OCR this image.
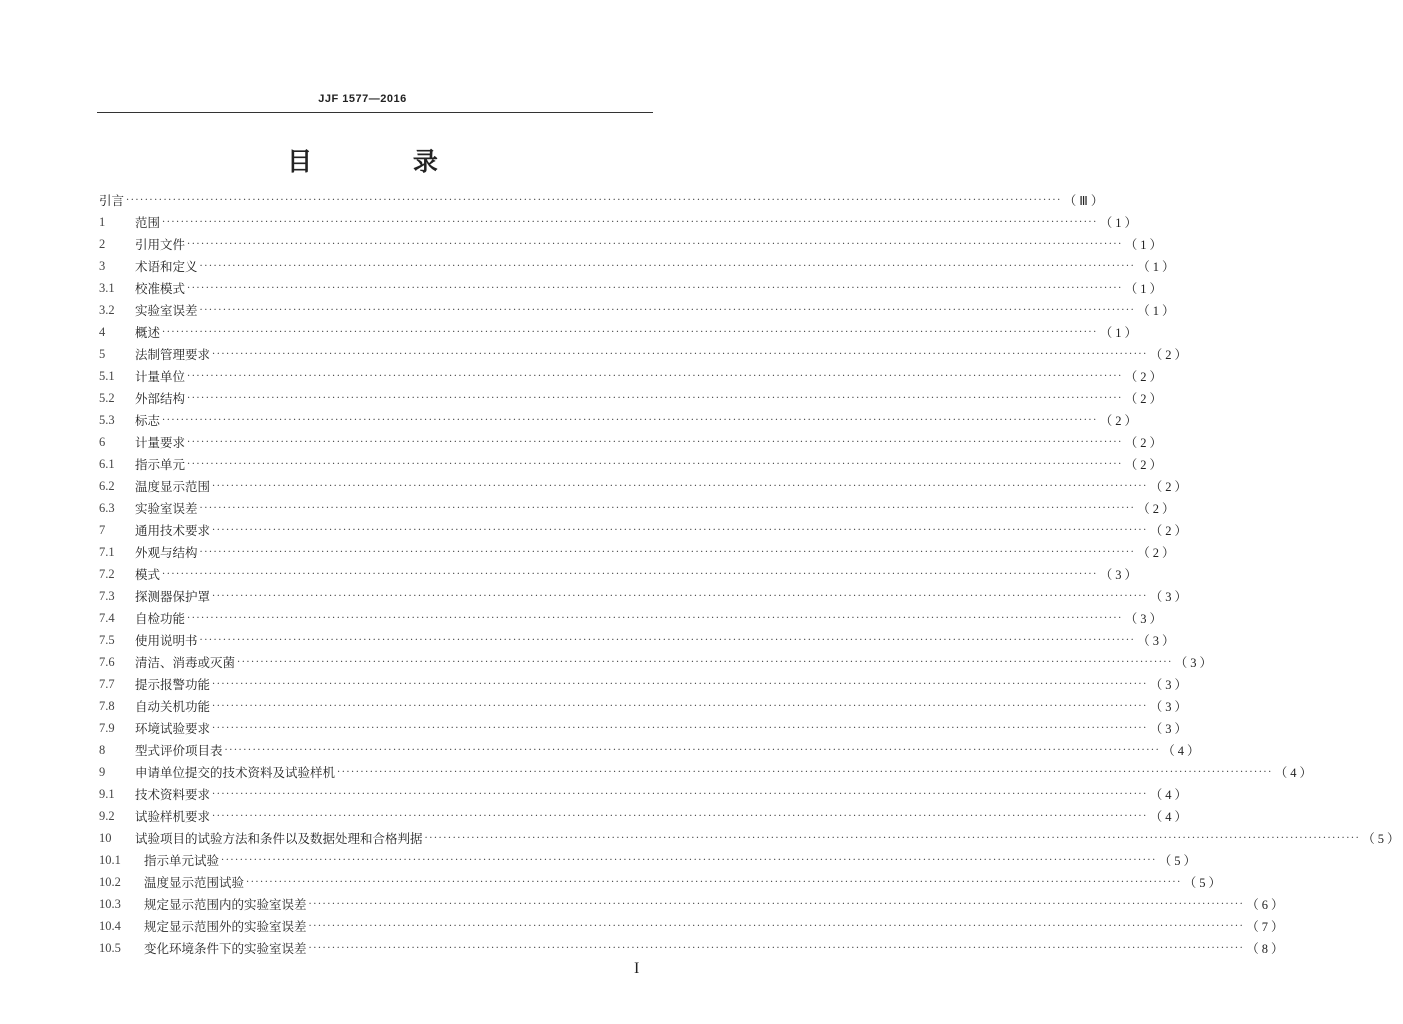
JJF 1577—2016
目 录
引言 ········································································································································································································ （Ⅲ）
1	范围 ········································································································································································································ （1）
2	引用文件 ········································································································································································································ （1）
3	术语和定义 ········································································································································································································ （1）
3.1	校准模式 ········································································································································································································ （1）
3.2	实验室误差 ········································································································································································································ （1）
4	概述 ········································································································································································································ （1）
5	法制管理要求 ········································································································································································································ （2）
5.1	计量单位 ········································································································································································································ （2）
5.2	外部结构 ········································································································································································································ （2）
5.3	标志 ········································································································································································································ （2）
6	计量要求 ········································································································································································································ （2）
6.1	指示单元 ········································································································································································································ （2）
6.2	温度显示范围 ········································································································································································································ （2）
6.3	实验室误差 ········································································································································································································ （2）
7	通用技术要求 ········································································································································································································ （2）
7.1	外观与结构 ········································································································································································································ （2）
7.2	模式 ········································································································································································································ （3）
7.3	探测器保护罩 ········································································································································································································ （3）
7.4	自检功能 ········································································································································································································ （3）
7.5	使用说明书 ········································································································································································································ （3）
7.6	清洁、消毒或灭菌 ········································································································································································································ （3）
7.7	提示报警功能 ········································································································································································································ （3）
7.8	自动关机功能 ········································································································································································································ （3）
7.9	环境试验要求 ········································································································································································································ （3）
8	型式评价项目表 ········································································································································································································ （4）
9	申请单位提交的技术资料及试验样机 ········································································································································································································ （4）
9.1	技术资料要求 ········································································································································································································ （4）
9.2	试验样机要求 ········································································································································································································ （4）
10	试验项目的试验方法和条件以及数据处理和合格判据 ········································································································································································································ （5）
10.1	指示单元试验 ········································································································································································································ （5）
10.2	温度显示范围试验 ········································································································································································································ （5）
10.3	规定显示范围内的实验室误差 ········································································································································································································ （6）
10.4	规定显示范围外的实验室误差 ········································································································································································································ （7）
10.5	变化环境条件下的实验室误差 ········································································································································································································ （8）
I
